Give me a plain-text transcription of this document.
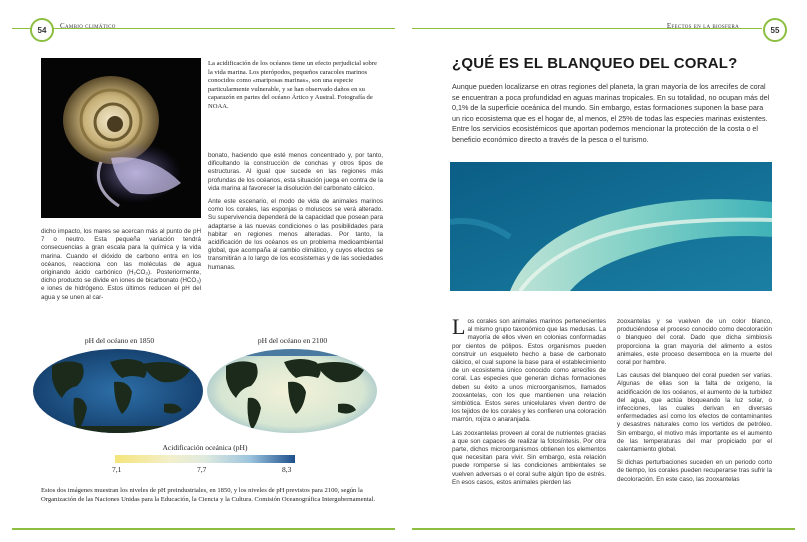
54	Cambio climático	Efectos en la biosfera	55
La acidificación de los océanos tiene un efecto perjudicial sobre la vida marina. Los pterópodos, pequeños caracoles marinos conocidos como «mariposas marinas», son una especie particularmente vulnerable, y se han observado daños en su caparazón en partes del océano Ártico y Austral. Fotografía de NOAA.

dicho impacto, los mares se acercan más al punto de pH 7 o neutro. Esta pequeña variación tendrá consecuencias a gran escala para la química y la vida marina. Cuando el dióxido de carbono entra en los océanos, reacciona con las moléculas de agua originando ácido carbónico (H₂CO₃). Posteriormente, dicho producto se divide en iones de bicarbonato (HCO₃) e iones de hidrógeno. Estos últimos reducen el pH del agua y se unen al car-

bonato, haciendo que esté menos concentrado y, por tanto, dificultando la construcción de conchas y otros tipos de estructuras. Al igual que sucede en las regiones más profundas de los océanos, esta situación juega en contra de la vida marina al favorecer la disolución del carbonato cálcico.

Ante este escenario, el modo de vida de animales marinos como los corales, las esponjas o moluscos se verá alterado. Su supervivencia dependerá de la capacidad que posean para adaptarse a las nuevas condiciones o las posibilidades para habitar en regiones menos alteradas. Por tanto, la acidificación de los océanos es un problema medioambiental global, que acompaña al cambio climático, y cuyos efectos se transmitirán a lo largo de los ecosistemas y de las sociedades humanas.

pH del océano en 1850	pH del océano en 2100
Acidificación oceánica (pH)
7,1	7,7	8,3
Estos dos imágenes muestran los niveles de pH preindustriales, en 1850, y los niveles de pH previstos para 2100, según la Organización de las Naciones Unidas para la Educación, la Ciencia y la Cultura. Comisión Oceanográfica Intergubernamental.
¿QUÉ ES EL BLANQUEO DEL CORAL?
Aunque pueden localizarse en otras regiones del planeta, la gran mayoría de los arrecifes de coral se encuentran a poca profundidad en aguas marinas tropicales. En su totalidad, no ocupan más del 0,1% de la superficie oceánica del mundo. Sin embargo, estas formaciones suponen la base para un rico ecosistema que es el hogar de, al menos, el 25% de todas las especies marinas existentes. Entre los servicios ecosistémicos que aportan podemos mencionar la protección de la costa o el beneficio económico directo a través de la pesca o el turismo.

Los corales son animales marinos pertenecientes al mismo grupo taxonómico que las medusas. La mayoría de ellos viven en colonias conformadas por cientos de pólipos. Estos organismos pueden construir un esqueleto hecho a base de carbonato cálcico, el cual supone la base para el establecimiento de un ecosistema único conocido como arrecifes de coral. Las especies que generan dichas formaciones deben su éxito a unos microorganismos, llamados zooxantelas, con los que mantienen una relación simbiótica. Estos seres unicelulares viven dentro de los tejidos de los corales y les confieren una coloración marrón, rojiza o anaranjada.

Las zooxantelas proveen al coral de nutrientes gracias a que son capaces de realizar la fotosíntesis. Por otra parte, dichos microorganismos obtienen los elementos que necesitan para vivir. Sin embargo, esta relación puede romperse si las condiciones ambientales se vuelven adversas o el coral sufre algún tipo de estrés. En esos casos, estos animales pierden las

zooxantelas y se vuelven de un color blanco, produciéndose el proceso conocido como decoloración o blanqueo del coral. Dado que dicha simbiosis proporciona la gran mayoría del alimento a estos animales, este proceso desemboca en la muerte del coral por hambre.

Las causas del blanqueo del coral pueden ser varias. Algunas de ellas son la falta de oxígeno, la acidificación de los océanos, el aumento de la turbidez del agua, que actúa bloqueando la luz solar, o infecciones, las cuales derivan en diversas enfermedades así como los efectos de contaminantes y desastres naturales como los vertidos de petróleo. Sin embargo, el motivo más importante es el aumento de las temperaturas del mar propiciado por el calentamiento global.

Si dichas perturbaciones suceden en un periodo corto de tiempo, los corales pueden recuperarse tras sufrir la decoloración. En este caso, las zooxantelas
